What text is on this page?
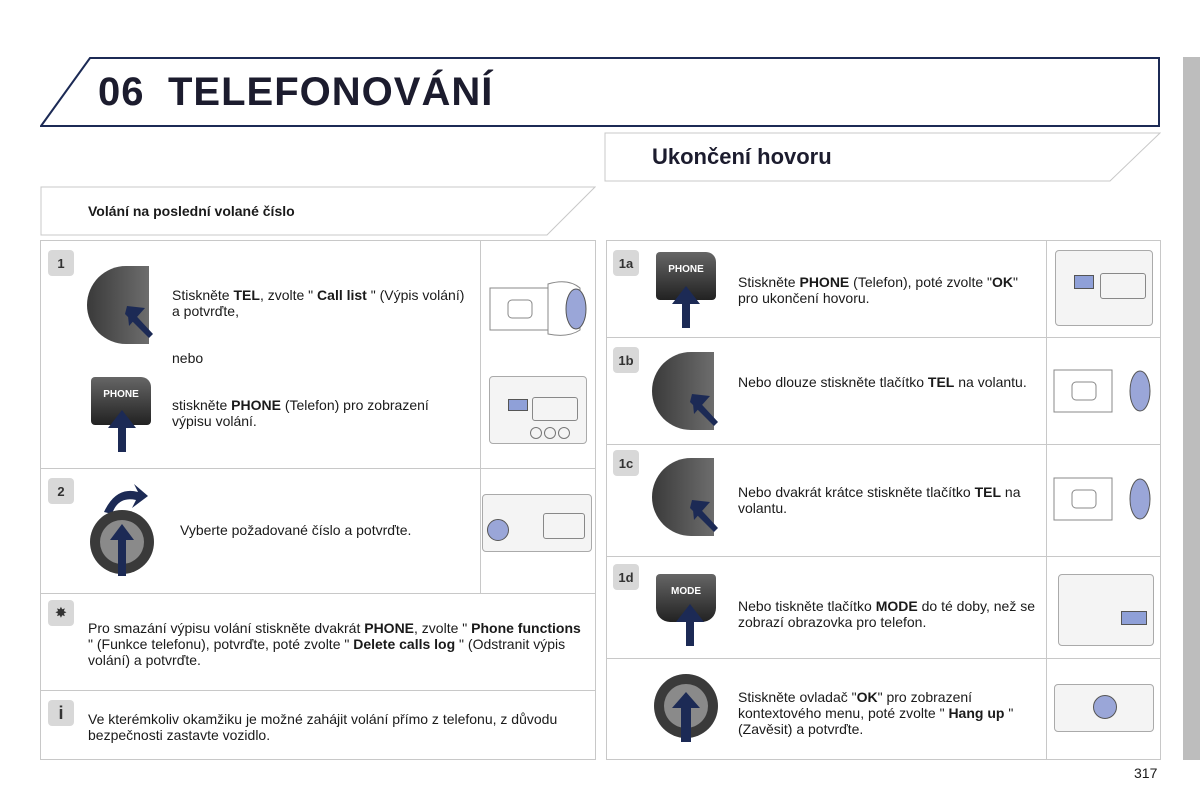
06 TELEFONOVÁNÍ
Ukončení hovoru
Volání na poslední volané číslo
1
Stiskněte TEL, zvolte " Call list " (Výpis volání) a potvrďte,
nebo
PHONE
stiskněte PHONE (Telefon) pro zobrazení výpisu volání.
2
Vyberte požadované číslo a potvrďte.
✸
Pro smazání výpisu volání stiskněte dvakrát PHONE, zvolte " Phone functions " (Funkce telefonu), potvrďte, poté zvolte " Delete calls log " (Odstranit výpis volání) a potvrďte.
i	Ve kterémkoliv okamžiku je možné zahájit volání přímo z telefonu, z důvodu bezpečnosti zastavte vozidlo.
1a	PHONE
Stiskněte PHONE (Telefon), poté zvolte "OK" pro ukončení hovoru.
1b
Nebo dlouze stiskněte tlačítko TEL na volantu.
1c
Nebo dvakrát krátce stiskněte tlačítko TEL na volantu.
1d
MODE
Nebo tiskněte tlačítko MODE do té doby, než se zobrazí obrazovka pro telefon.
Stiskněte ovladač "OK" pro zobrazení kontextového menu, poté zvolte " Hang up " (Zavěsit) a potvrďte.
317
